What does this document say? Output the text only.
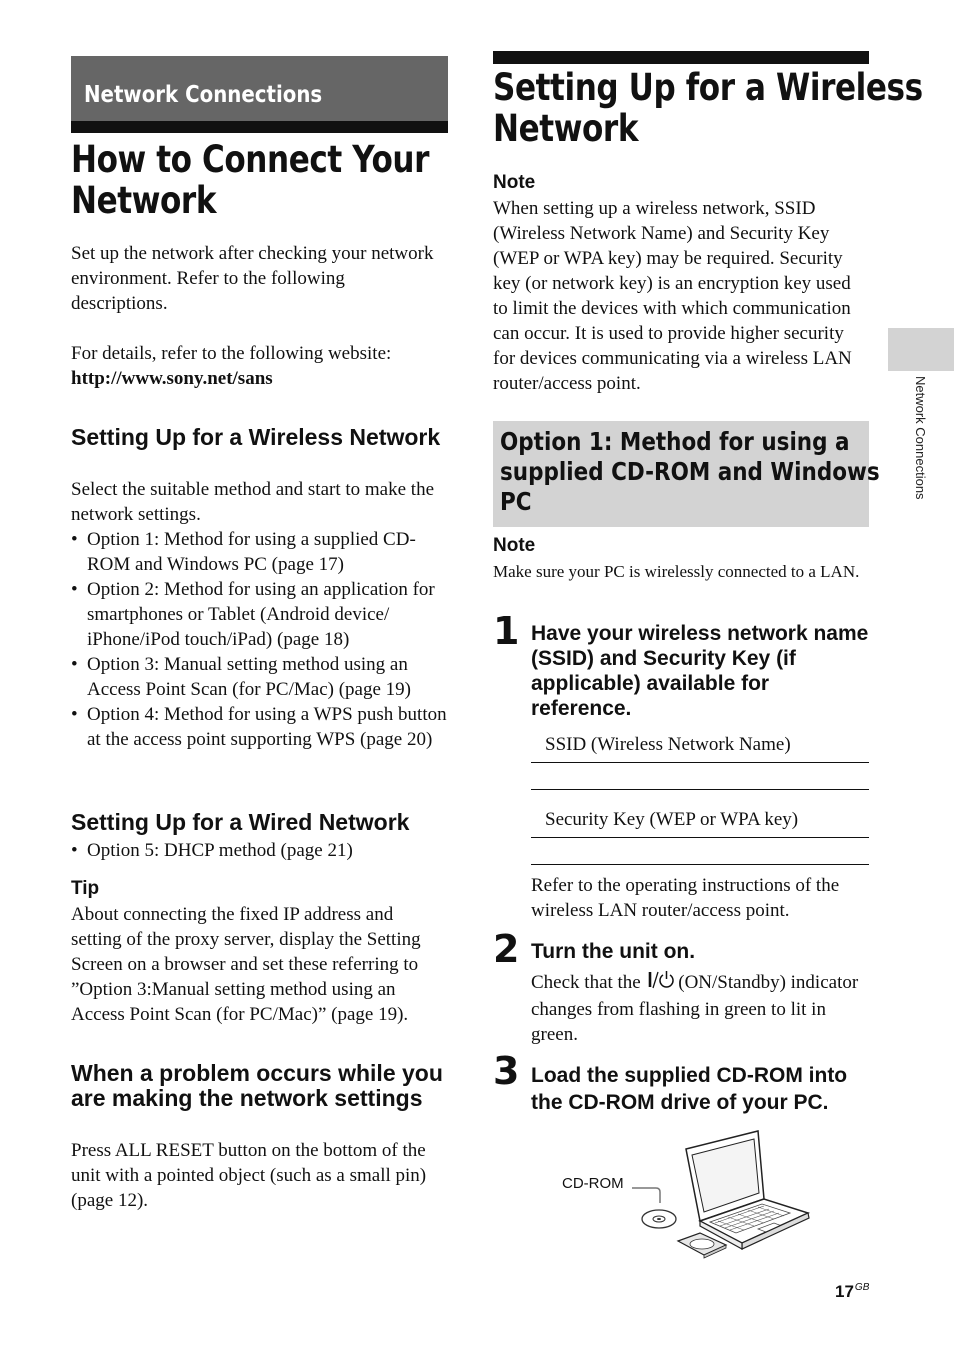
Network Connections
Network Connections
How to Connect Your
Network
Set up the network after checking your network environment. Refer to the following descriptions.
For details, refer to the following website:
http://www.sony.net/sans
Setting Up for a Wireless Network
Select the suitable method and start to make the network settings.
• Option 1: Method for using a supplied CD-ROM and Windows PC (page 17)
• Option 2: Method for using an application for smartphones or Tablet (Android device/ iPhone/iPod touch/iPad) (page 18)
• Option 3: Manual setting method using an Access Point Scan (for PC/Mac) (page 19)
• Option 4: Method for using a WPS push button at the access point supporting WPS (page 20)
Setting Up for a Wired Network
• Option 5: DHCP method (page 21)
Tip
About connecting the fixed IP address and setting of the proxy server, display the Setting Screen on a browser and set these referring to ”Option 3:Manual setting method using an Access Point Scan (for PC/Mac)” (page 19).
When a problem occurs while you are making the network settings
Press ALL RESET button on the bottom of the unit with a pointed object (such as a small pin) (page 12).
Setting Up for a Wireless
Network
Note
When setting up a wireless network, SSID (Wireless Network Name) and Security Key (WEP or WPA key) may be required. Security key (or network key) is an encryption key used to limit the devices with which communication can occur. It is used to provide higher security for devices communicating via a wireless LAN router/access point.
Option 1: Method for using a
supplied CD-ROM and Windows
PC
Note
Make sure your PC is wirelessly connected to a LAN.
1 Have your wireless network name (SSID) and Security Key (if applicable) available for reference.
SSID (Wireless Network Name)
Security Key (WEP or WPA key)
Refer to the operating instructions of the wireless LAN router/access point.
2 Turn the unit on.
Check that the (ON/Standby) indicator changes from flashing in green to lit in green.
3 Load the supplied CD-ROM into the CD-ROM drive of your PC.
CD-ROM
$17^{GB}$
